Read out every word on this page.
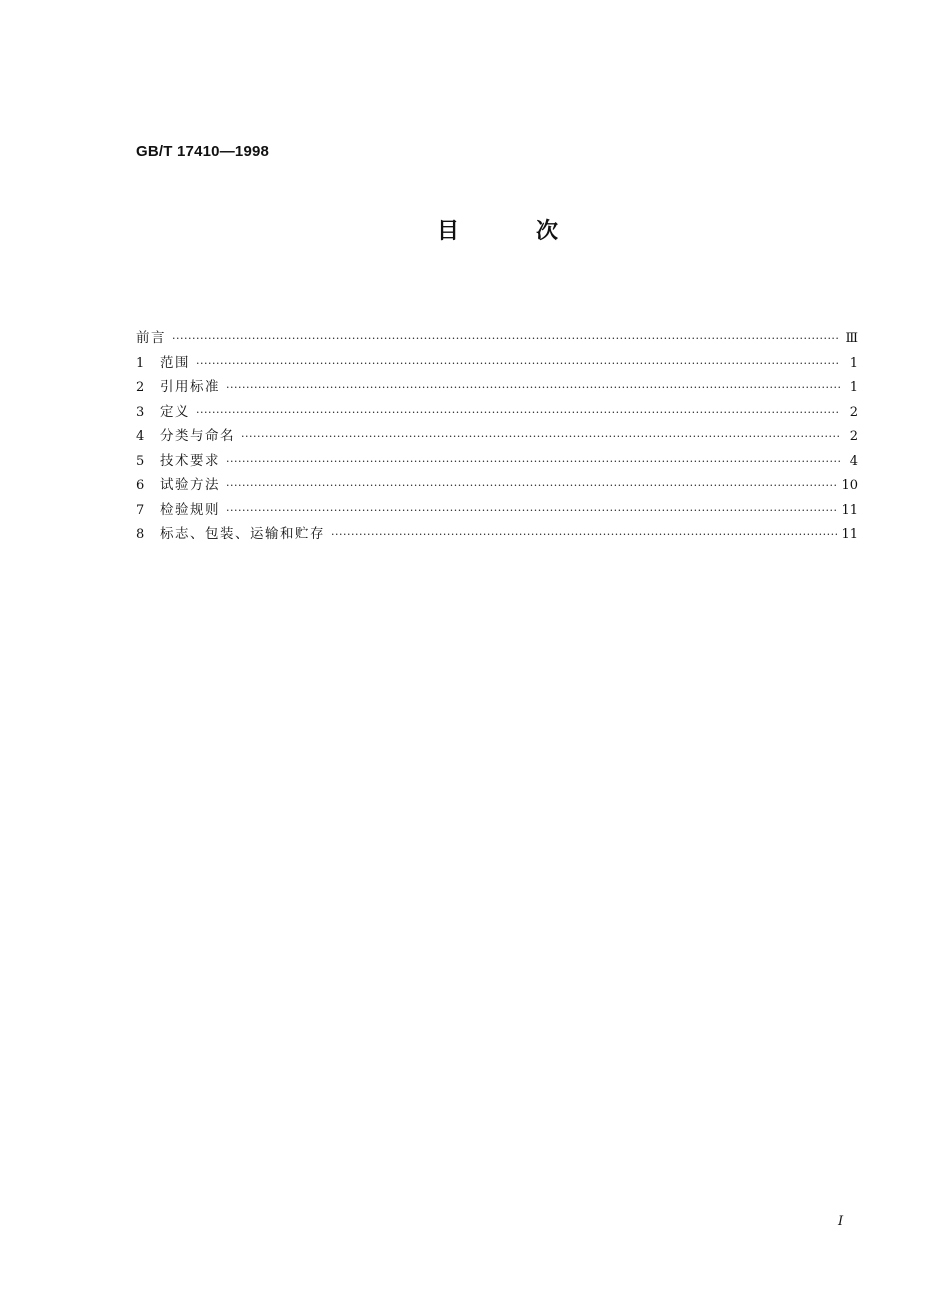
GB/T 17410—1998
目	次
前言 ·····	Ⅲ
1	范围 ·····	1
2	引用标准 ·····	1
3	定义 ·····	2
4	分类与命名 ·····	2
5	技术要求 ·····	4
6	试验方法 ·····	10
7	检验规则 ·····	11
8	标志、包装、运输和贮存 ·····	11
Ⅰ
